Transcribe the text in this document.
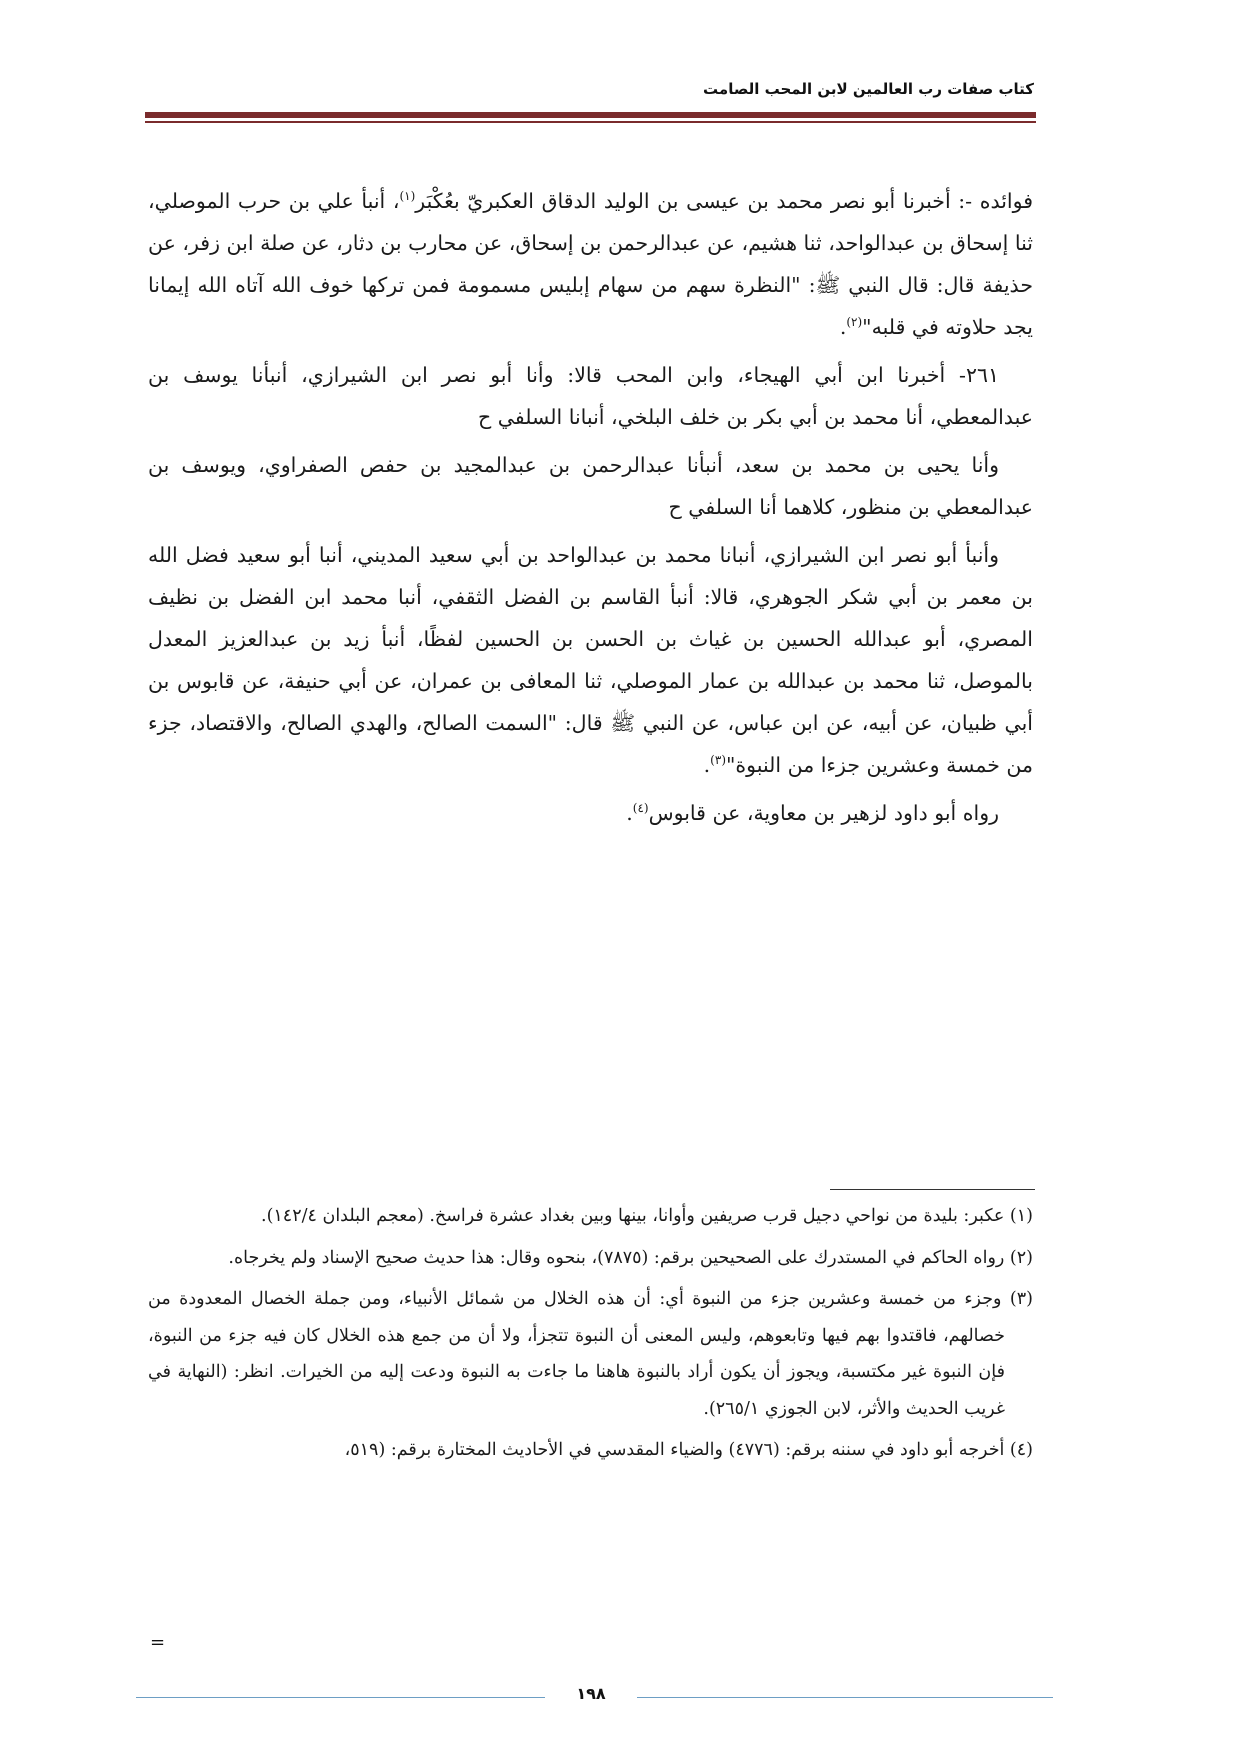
كتاب صفات رب العالمين لابن المحب الصامت

فوائده -: أخبرنا أبو نصر محمد بن عيسى بن الوليد الدقاق العكبريّ بعُكْبَر$^{(١)}$، أنبأ علي بن حرب الموصلي، ثنا إسحاق بن عبدالواحد، ثنا هشيم، عن عبدالرحمن بن إسحاق، عن محارب بن دثار، عن صلة ابن زفر، عن حذيفة قال: قال النبي ﷺ: "النظرة سهم من سهام إبليس مسمومة فمن تركها خوف الله آتاه الله إيمانا يجد حلاوته في قلبه"$^{(٢)}$.

٢٦١- أخبرنا ابن أبي الهيجاء، وابن المحب قالا: وأنا أبو نصر ابن الشيرازي، أنبأنا يوسف بن عبدالمعطي، أنا محمد بن أبي بكر بن خلف البلخي، أنبانا السلفي ح

وأنا يحيى بن محمد بن سعد، أنبأنا عبدالرحمن بن عبدالمجيد بن حفص الصفراوي، ويوسف بن عبدالمعطي بن منظور، كلاهما أنا السلفي ح

وأنبأ أبو نصر ابن الشيرازي، أنبانا محمد بن عبدالواحد بن أبي سعيد المديني، أنبا أبو سعيد فضل الله بن معمر بن أبي شكر الجوهري، قالا: أنبأ القاسم بن الفضل الثقفي، أنبا محمد ابن الفضل بن نظيف المصري، أبو عبدالله الحسين بن غياث بن الحسن بن الحسين لفظًا، أنبأ زيد بن عبدالعزيز المعدل بالموصل، ثنا محمد بن عبدالله بن عمار الموصلي، ثنا المعافى بن عمران، عن أبي حنيفة، عن قابوس بن أبي ظبيان، عن أبيه، عن ابن عباس، عن النبي ﷺ قال: "السمت الصالح، والهدي الصالح، والاقتصاد، جزء من خمسة وعشرين جزءا من النبوة"$^{(٣)}$.

رواه أبو داود لزهير بن معاوية، عن قابوس$^{(٤)}$.

(١) عكبر: بليدة من نواحي دجيل قرب صريفين وأوانا، بينها وبين بغداد عشرة فراسخ. (معجم البلدان ١٤٢/٤).

(٢) رواه الحاكم في المستدرك على الصحيحين برقم: (٧٨٧٥)، بنحوه وقال: هذا حديث صحيح الإسناد ولم يخرجاه.

(٣) وجزء من خمسة وعشرين جزء من النبوة أي: أن هذه الخلال من شمائل الأنبياء، ومن جملة الخصال المعدودة من خصالهم، فاقتدوا بهم فيها وتابعوهم، وليس المعنى أن النبوة تتجزأ، ولا أن من جمع هذه الخلال كان فيه جزء من النبوة، فإن النبوة غير مكتسبة، ويجوز أن يكون أراد بالنبوة هاهنا ما جاءت به النبوة ودعت إليه من الخيرات. انظر: (النهاية في غريب الحديث والأثر، لابن الجوزي ٢٦٥/١).

(٤) أخرجه أبو داود في سننه برقم: (٤٧٧٦) والضياء المقدسي في الأحاديث المختارة برقم: (٥١٩،

=
١٩٨
